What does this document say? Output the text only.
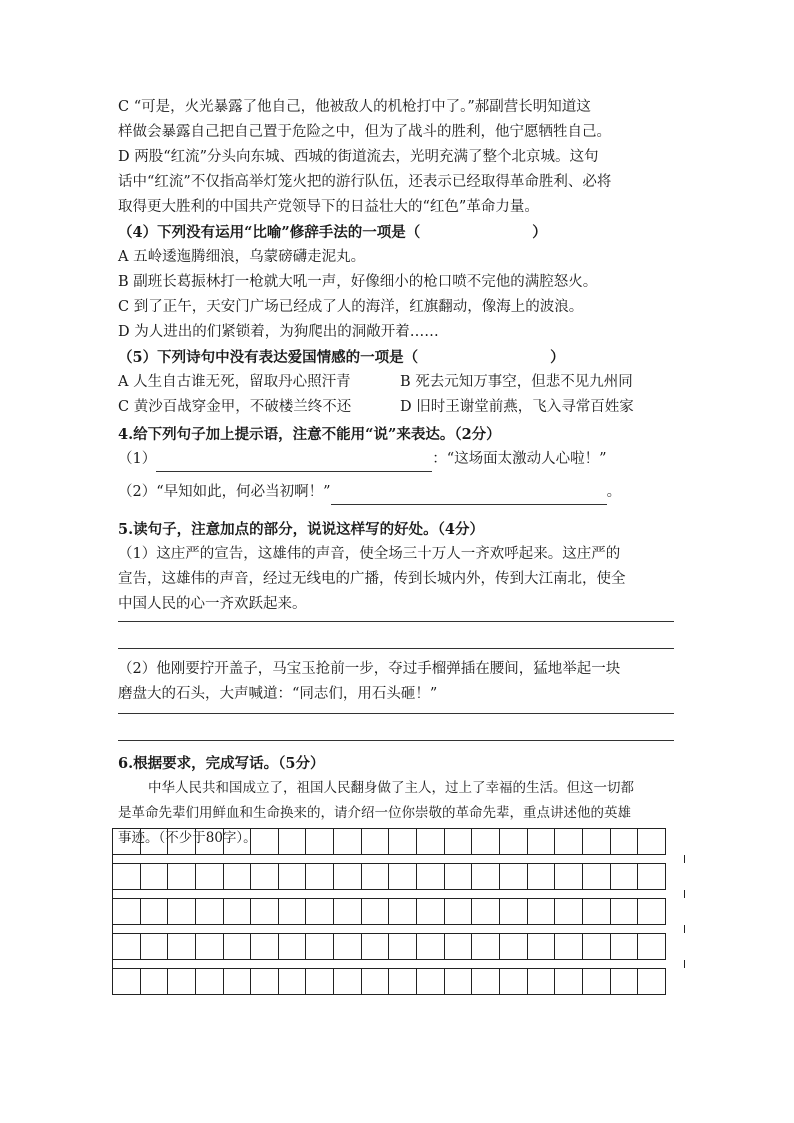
C “可是，火光暴露了他自己，他被敌人的机枪打中了。”郝副营长明知道这
样做会暴露自己把自己置于危险之中，但为了战斗的胜利，他宁愿牺牲自己。
D 两股“红流”分头向东城、西城的街道流去，光明充满了整个北京城。这句
话中“红流”不仅指高举灯笼火把的游行队伍，还表示已经取得革命胜利、必将
取得更大胜利的中国共产党领导下的日益壮大的“红色”革命力量。
（4）下列没有运用“比喻”修辞手法的一项是（	）
A 五岭逶迤腾细浪，乌蒙磅礴走泥丸。
B 副班长葛振林打一枪就大吼一声，好像细小的枪口喷不完他的满腔怒火。
C 到了正午，天安门广场已经成了人的海洋，红旗翻动，像海上的波浪。
D 为人进出的们紧锁着，为狗爬出的洞敞开着……
（5）下列诗句中没有表达爱国情感的一项是（	）
A 人生自古谁无死，留取丹心照汗青	B 死去元知万事空，但悲不见九州同
C 黄沙百战穿金甲，不破楼兰终不还	D 旧时王谢堂前燕，飞入寻常百姓家
4.给下列句子加上提示语，注意不能用“说”来表达。（2分）
（1）	：“这场面太激动人心啦！”
（2）“早知如此，何必当初啊！”	。
5.读句子，注意加点的部分，说说这样写的好处。（4分）
（1）这庄严的宣告，这雄伟的声音，使全场三十万人一齐欢呼起来。这庄严的
宣告，这雄伟的声音，经过无线电的广播，传到长城内外，传到大江南北，使全
中国人民的心一齐欢跃起来。
（2）他刚要拧开盖子，马宝玉抢前一步，夺过手榴弹插在腰间，猛地举起一块
磨盘大的石头，大声喊道：“同志们，用石头砸！”
6.根据要求，完成写话。（5分）
中华人民共和国成立了，祖国人民翻身做了主人，过上了幸福的生活。但这一切都
是革命先辈们用鲜血和生命换来的，请介绍一位你崇敬的革命先辈，重点讲述他的英雄
事迹。（不少于80字）。
